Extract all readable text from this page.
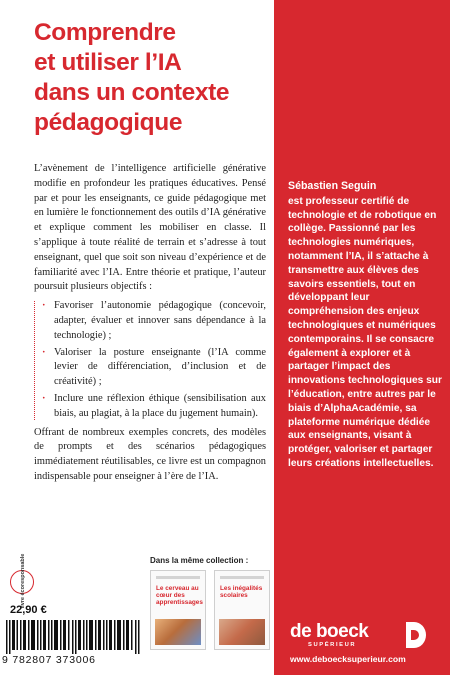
Comprendre
et utiliser l’IA
dans un contexte
pédagogique

L’avènement de l’intelligence artificielle générative modifie en profondeur les pratiques éducatives. Pensé par et pour les enseignants, ce guide pédagogique met en lumière le fonctionnement des outils d’IA générative et explique comment les mobiliser en classe. Il s’applique à toute réalité de terrain et s’adresse à tout enseignant, quel que soit son niveau d’expérience et de familiarité avec l’IA. Entre théorie et pratique, l’auteur poursuit plusieurs objectifs :

· Favoriser l’autonomie pédagogique (concevoir, adapter, évaluer et innover sans dépendance à la technologie) ;
· Valoriser la posture enseignante (l’IA comme levier de différenciation, d’inclusion et de créativité) ;
· Inclure une réflexion éthique (sensibilisation aux biais, au plagiat, à la place du jugement humain).

Offrant de nombreux exemples concrets, des modèles de prompts et des scénarios pédagogiques immédiatement réutilisables, ce livre est un compagnon indispensable pour enseigner à l’ère de l’IA.

Dans la même collection :
Le cerveau au cœur des apprentissages
Les inégalités scolaires
livre écoresponsable
22,90 €
9 782807 373006
Sébastien Seguin
est professeur certifié de technologie et de robotique en collège. Passionné par les technologies numériques, notamment l’IA, il s’attache à transmettre aux élèves des savoirs essentiels, tout en développant leur compréhension des enjeux technologiques et numériques contemporains. Il se consacre également à explorer et à partager l’impact des innovations technologiques sur l’éducation, entre autres par le biais d’AlphaAcadémie, sa plateforme numérique dédiée aux enseignants, visant à protéger, valoriser et partager leurs créations intellectuelles.
de boeck
SUPÉRIEUR
www.deboecksuperieur.com
